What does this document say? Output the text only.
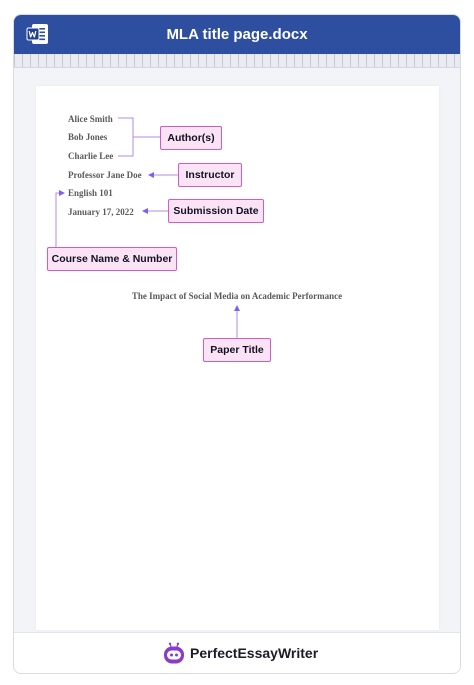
MLA title page.docx
PerfectEssayWriter
Alice Smith
Bob Jones
Charlie Lee
Professor Jane Doe
English 101
January 17, 2022
The Impact of Social Media on Academic Performance
Author(s)
Instructor
Submission Date
Course Name & Number
Paper Title
